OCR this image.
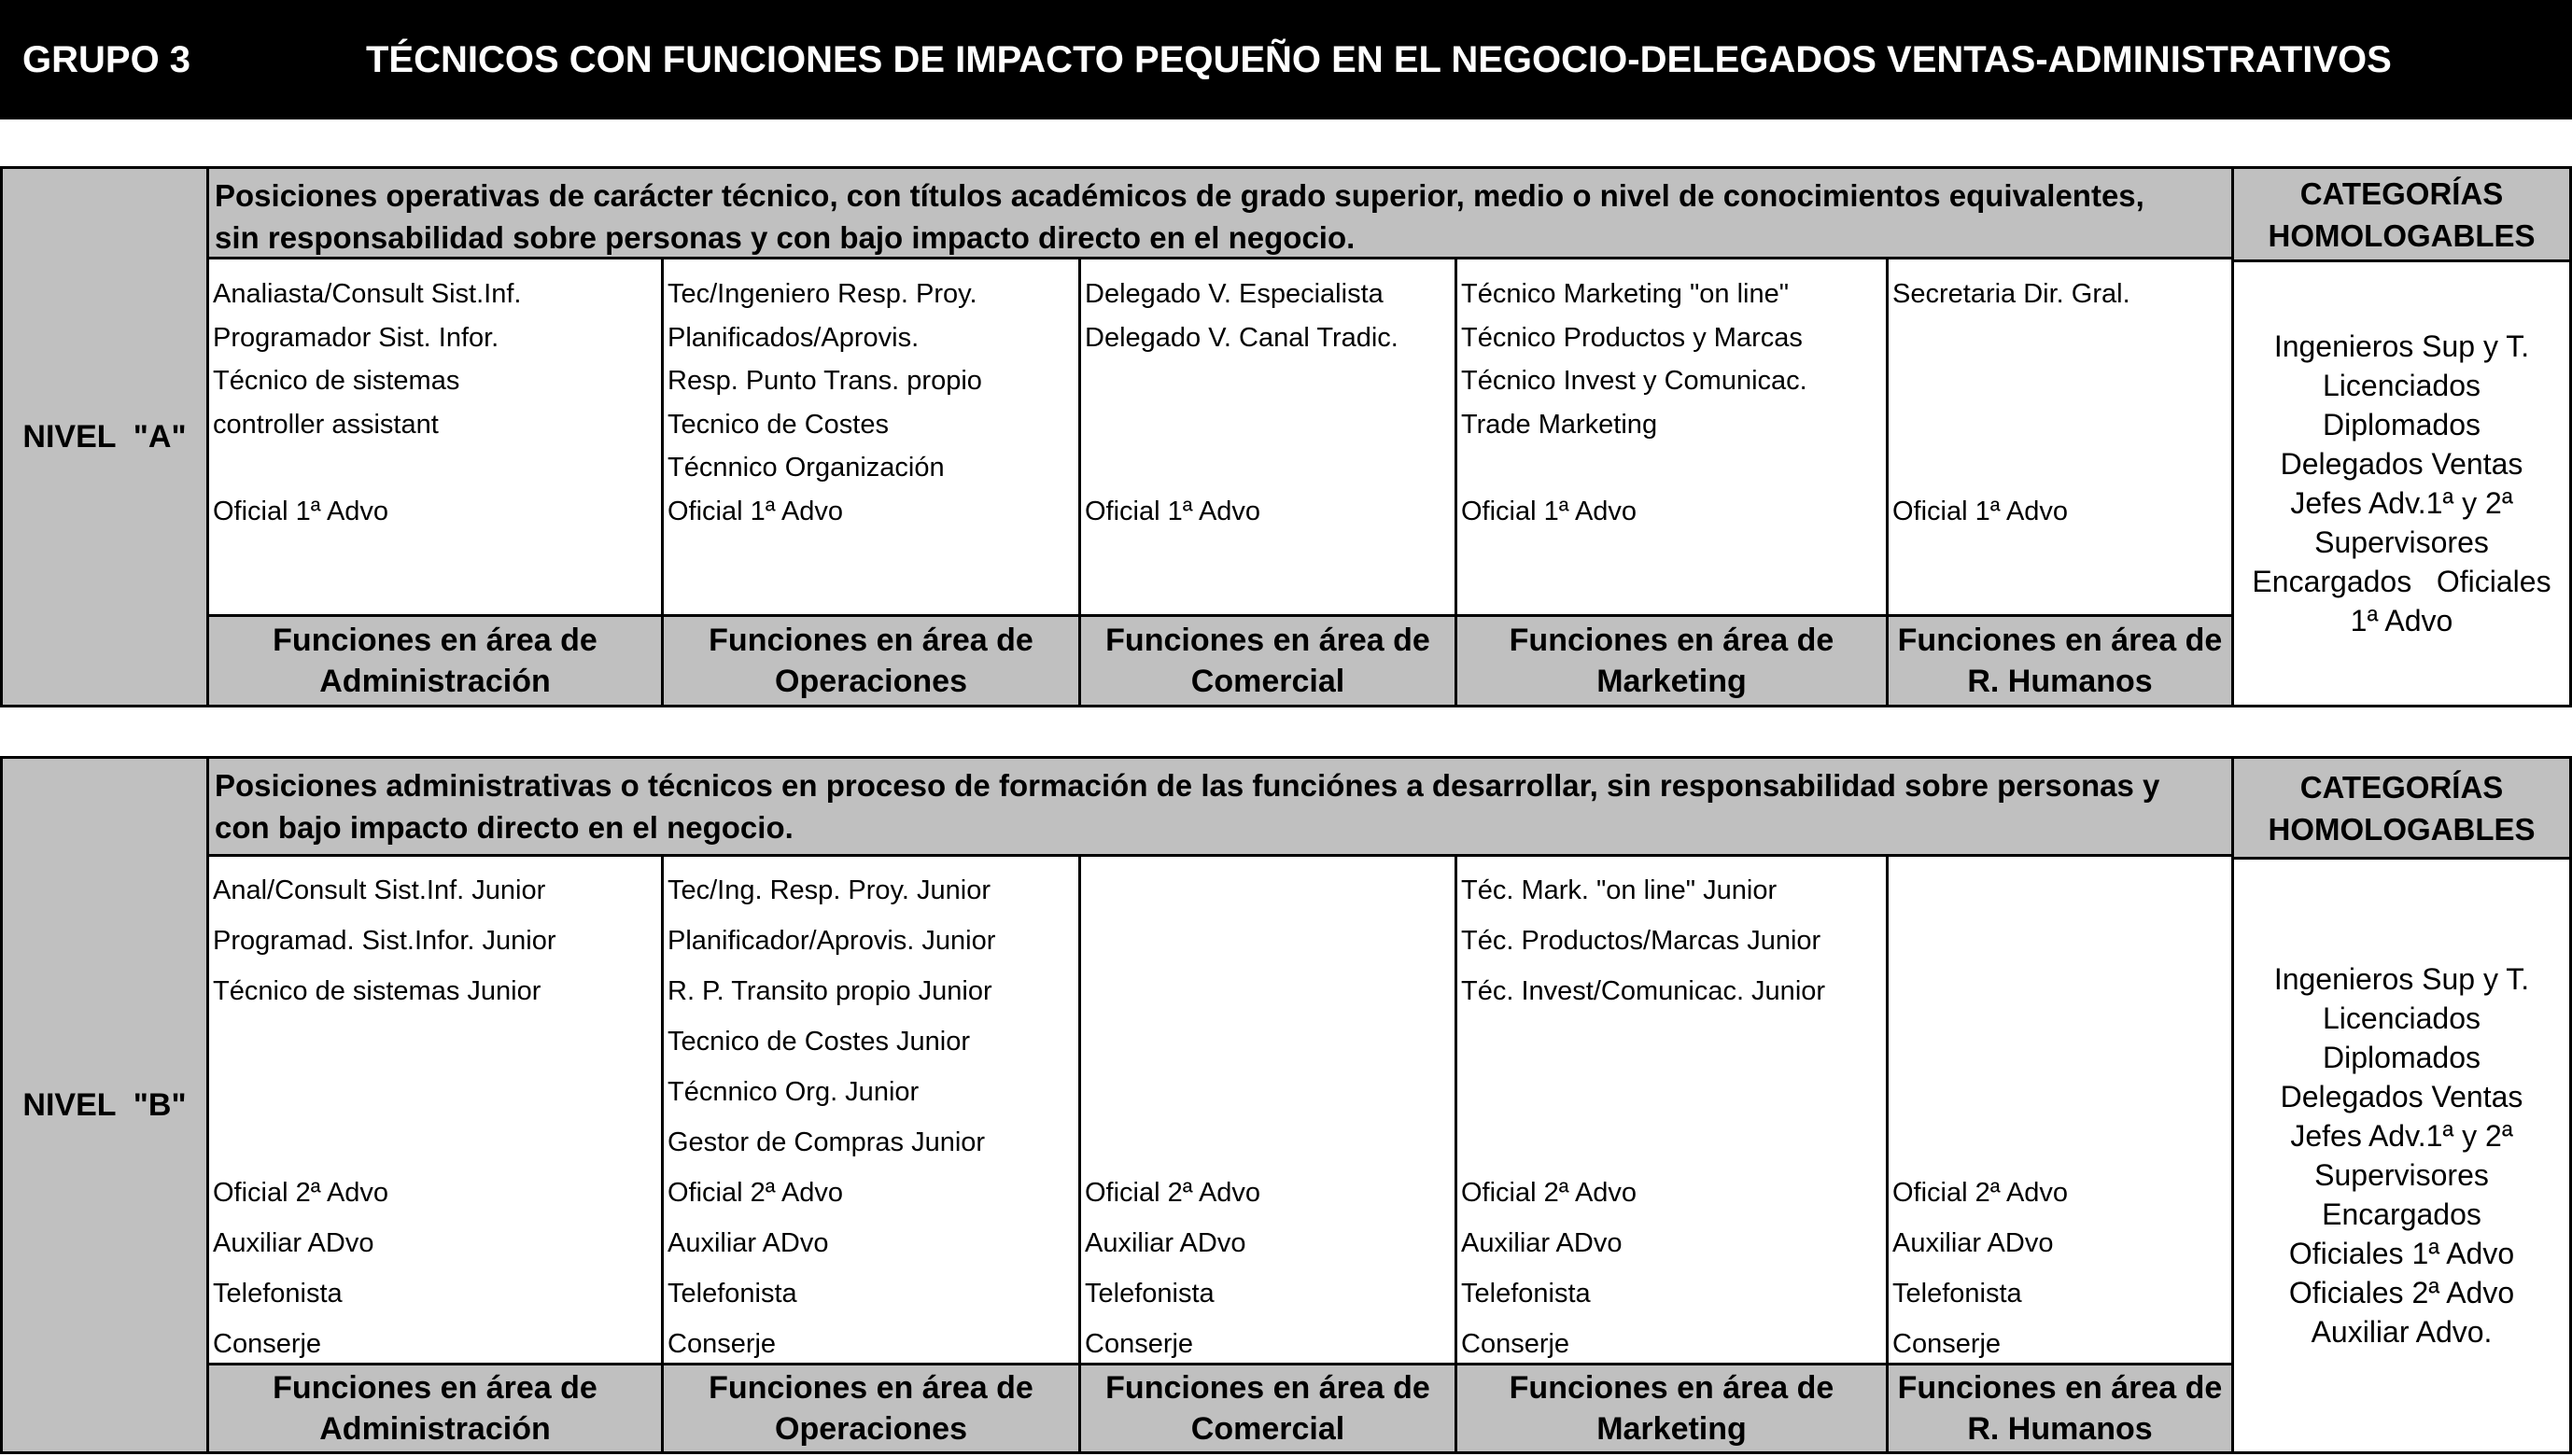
GRUPO 3	TÉCNICOS CON FUNCIONES DE IMPACTO PEQUEÑO EN EL NEGOCIO-DELEGADOS VENTAS-ADMINISTRATIVOS
NIVEL  "A"
Posiciones operativas de carácter técnico, con títulos académicos de grado superior, medio o nivel de conocimientos equivalentes,
sin responsabilidad sobre personas y con bajo impacto directo en el negocio.
CATEGORÍAS
HOMOLOGABLES
Ingenieros Sup y T.
Licenciados
Diplomados
Delegados Ventas
Jefes Adv.1ª y 2ª
Supervisores
Encargados   Oficiales
1ª Advo
Analiasta/Consult Sist.Inf.
Programador Sist. Infor.
Técnico de sistemas
controller assistant
Oficial 1ª Advo
Funciones en área de
Administración
Tec/Ingeniero Resp. Proy.
Planificados/Aprovis.
Resp. Punto Trans. propio
Tecnico de Costes
Técnnico Organización
Oficial 1ª Advo
Funciones en área de
Operaciones
Delegado V. Especialista
Delegado V. Canal Tradic.
Oficial 1ª Advo
Funciones en área de
Comercial
Técnico Marketing "on line"
Técnico Productos y Marcas
Técnico Invest y Comunicac.
Trade Marketing
Oficial 1ª Advo
Funciones en área de
Marketing
Secretaria Dir. Gral.
Oficial 1ª Advo
Funciones en área de
R. Humanos
NIVEL  "B"
Posiciones administrativas o técnicos en proceso de formación de las funciónes a desarrollar, sin responsabilidad sobre personas y
con bajo impacto directo en el negocio.
CATEGORÍAS
HOMOLOGABLES
Ingenieros Sup y T.
Licenciados
Diplomados
Delegados Ventas
Jefes Adv.1ª y 2ª
Supervisores
Encargados
Oficiales 1ª Advo
Oficiales 2ª Advo
Auxiliar Advo.
Anal/Consult Sist.Inf. Junior
Programad. Sist.Infor. Junior
Técnico de sistemas Junior
Oficial 2ª Advo
Auxiliar ADvo
Telefonista
Conserje
Funciones en área de
Administración
Tec/Ing. Resp. Proy. Junior
Planificador/Aprovis. Junior
R. P. Transito propio Junior
Tecnico de Costes Junior
Técnnico Org. Junior
Gestor de Compras Junior
Oficial 2ª Advo
Auxiliar ADvo
Telefonista
Conserje
Funciones en área de
Operaciones
Oficial 2ª Advo
Auxiliar ADvo
Telefonista
Conserje
Funciones en área de
Comercial
Téc. Mark. "on line" Junior
Téc. Productos/Marcas Junior
Téc. Invest/Comunicac. Junior
Oficial 2ª Advo
Auxiliar ADvo
Telefonista
Conserje
Funciones en área de
Marketing
Oficial 2ª Advo
Auxiliar ADvo
Telefonista
Conserje
Funciones en área de
R. Humanos
